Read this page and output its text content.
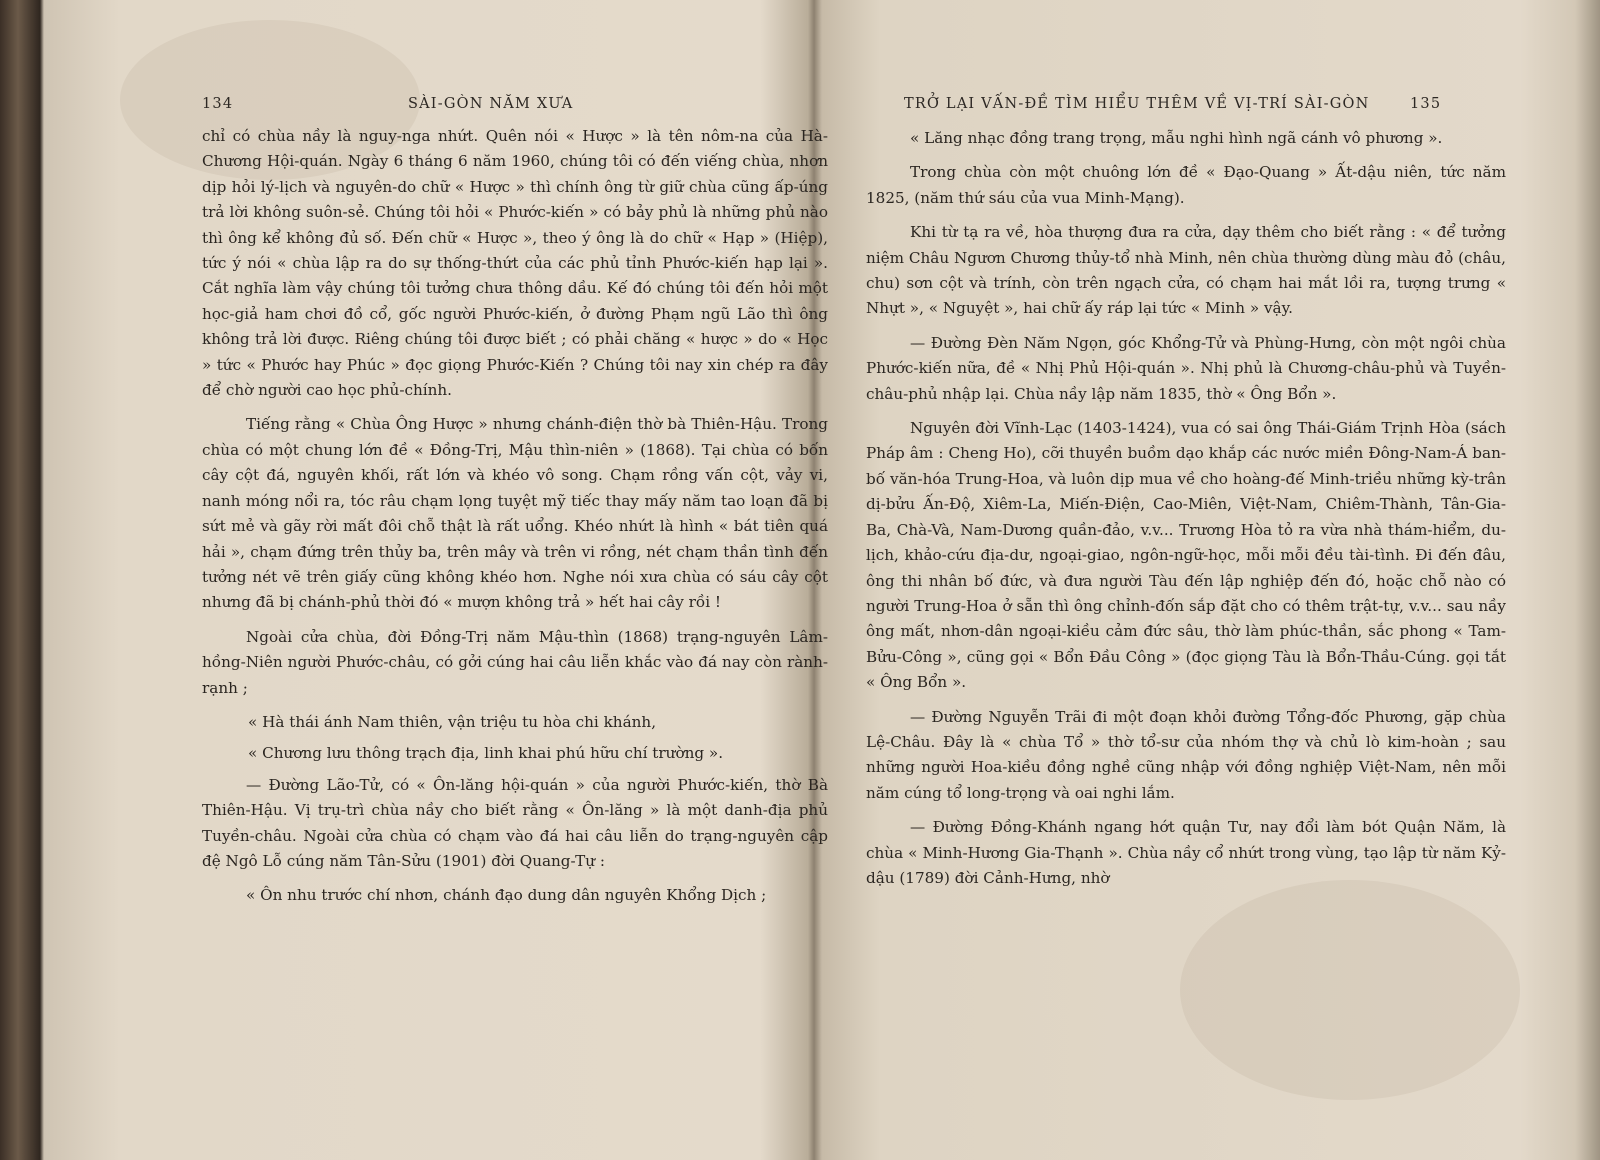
134	SÀI-GÒN NĂM XƯA

chỉ có chùa nầy là nguy-nga nhứt. Quên nói « Hược » là tên nôm-na của Hà-Chương Hội-quán. Ngày 6 tháng 6 năm 1960, chúng tôi có đến viếng chùa, nhơn dịp hỏi lý-lịch và nguyên-do chữ « Hược » thì chính ông từ giữ chùa cũng ấp-úng trả lời không suôn-sẻ. Chúng tôi hỏi « Phước-kiến » có bảy phủ là những phủ nào thì ông kể không đủ số. Đến chữ « Hược », theo ý ông là do chữ « Hạp » (Hiệp), tức ý nói « chùa lập ra do sự thống-thứt của các phủ tỉnh Phước-kiến hạp lại ». Cắt nghĩa làm vậy chúng tôi tưởng chưa thông dầu. Kế đó chúng tôi đến hỏi một học-giả ham chơi đồ cổ, gốc người Phước-kiến, ở đường Phạm ngũ Lão thì ông không trả lời được. Riêng chúng tôi được biết ; có phải chăng « hược » do « Học » tức « Phước hay Phúc » đọc giọng Phước-Kiến ? Chúng tôi nay xin chép ra đây để chờ người cao học phủ-chính.

Tiếng rằng « Chùa Ông Hược » nhưng chánh-điện thờ bà Thiên-Hậu. Trong chùa có một chung lớn đề « Đồng-Trị, Mậu thìn-niên » (1868). Tại chùa có bốn cây cột đá, nguyên khối, rất lớn và khéo vô song. Chạm rồng vấn cột, vảy vi, nanh móng nổi ra, tóc râu chạm lọng tuyệt mỹ tiếc thay mấy năm tao loạn đã bị sứt mẻ và gãy rời mất đôi chỗ thật là rất uổng. Khéo nhứt là hình « bát tiên quá hải », chạm đứng trên thủy ba, trên mây và trên vi rồng, nét chạm thần tình đến tưởng nét vẽ trên giấy cũng không khéo hơn. Nghe nói xưa chùa có sáu cây cột nhưng đã bị chánh-phủ thời đó « mượn không trả » hết hai cây rồi !

Ngoài cửa chùa, đời Đồng-Trị năm Mậu-thìn (1868) trạng-nguyên Lâm-hồng-Niên người Phước-châu, có gởi cúng hai câu liễn khắc vào đá nay còn rành-rạnh ;

« Hà thái ánh Nam thiên, vận triệu tu hòa chi khánh,

« Chương lưu thông trạch địa, linh khai phú hữu chí trường ».

— Đường Lão-Tử, có « Ôn-lăng hội-quán » của người Phước-kiến, thờ Bà Thiên-Hậu. Vị trụ-trì chùa nầy cho biết rằng « Ôn-lăng » là một danh-địa phủ Tuyền-châu. Ngoài cửa chùa có chạm vào đá hai câu liễn do trạng-nguyên cập đệ Ngô Lỗ cúng năm Tân-Sửu (1901) đời Quang-Tự :

« Ôn nhu trước chí nhơn, chánh đạo dung dân nguyên Khổng Dịch ;

TRỞ LẠI VẤN-ĐỀ TÌM HIỂU THÊM VỀ VỊ-TRÍ SÀI-GÒN	135

« Lăng nhạc đồng trang trọng, mẫu nghi hình ngã cánh vô phương ».

Trong chùa còn một chuông lớn đề « Đạo-Quang » Ất-dậu niên, tức năm 1825, (năm thứ sáu của vua Minh-Mạng).

Khi từ tạ ra về, hòa thượng đưa ra cửa, dạy thêm cho biết rằng : « để tưởng niệm Châu Ngươn Chương thủy-tổ nhà Minh, nên chùa thường dùng màu đỏ (châu, chu) sơn cột và trính, còn trên ngạch cửa, có chạm hai mắt lồi ra, tượng trưng « Nhựt », « Nguyệt », hai chữ ấy ráp lại tức « Minh » vậy.

— Đường Đèn Năm Ngọn, góc Khổng-Tử và Phùng-Hưng, còn một ngôi chùa Phước-kiến nữa, đề « Nhị Phủ Hội-quán ». Nhị phủ là Chương-châu-phủ và Tuyền-châu-phủ nhập lại. Chùa nầy lập năm 1835, thờ « Ông Bổn ».

Nguyên đời Vĩnh-Lạc (1403-1424), vua có sai ông Thái-Giám Trịnh Hòa (sách Pháp âm : Cheng Ho), cỡi thuyền buồm dạo khắp các nước miền Đông-Nam-Á ban-bố văn-hóa Trung-Hoa, và luôn dịp mua về cho hoàng-đế Minh-triều những kỳ-trân dị-bửu Ấn-Độ, Xiêm-La, Miến-Điện, Cao-Miên, Việt-Nam, Chiêm-Thành, Tân-Gia-Ba, Chà-Và, Nam-Dương quần-đảo, v.v... Trương Hòa tỏ ra vừa nhà thám-hiểm, du-lịch, khảo-cứu địa-dư, ngoại-giao, ngôn-ngữ-học, mỗi mỗi đều tài-tình. Đi đến đâu, ông thi nhân bố đức, và đưa người Tàu đến lập nghiệp đến đó, hoặc chỗ nào có người Trung-Hoa ở sẵn thì ông chỉnh-đốn sắp đặt cho có thêm trật-tự, v.v... sau nầy ông mất, nhơn-dân ngoại-kiều cảm đức sâu, thờ làm phúc-thần, sắc phong « Tam-Bửu-Công », cũng gọi « Bổn Đầu Công » (đọc giọng Tàu là Bổn-Thầu-Cúng. gọi tắt « Ông Bổn ».

— Đường Nguyễn Trãi đi một đoạn khỏi đường Tổng-đốc Phương, gặp chùa Lệ-Châu. Đây là « chùa Tổ » thờ tổ-sư của nhóm thợ và chủ lò kim-hoàn ; sau những người Hoa-kiều đồng nghề cũng nhập với đồng nghiệp Việt-Nam, nên mỗi năm cúng tổ long-trọng và oai nghi lắm.

— Đường Đồng-Khánh ngang hớt quận Tư, nay đổi làm bót Quận Năm, là chùa « Minh-Hương Gia-Thạnh ». Chùa nầy cổ nhứt trong vùng, tạo lập từ năm Kỷ-dậu (1789) đời Cảnh-Hưng, nhờ
